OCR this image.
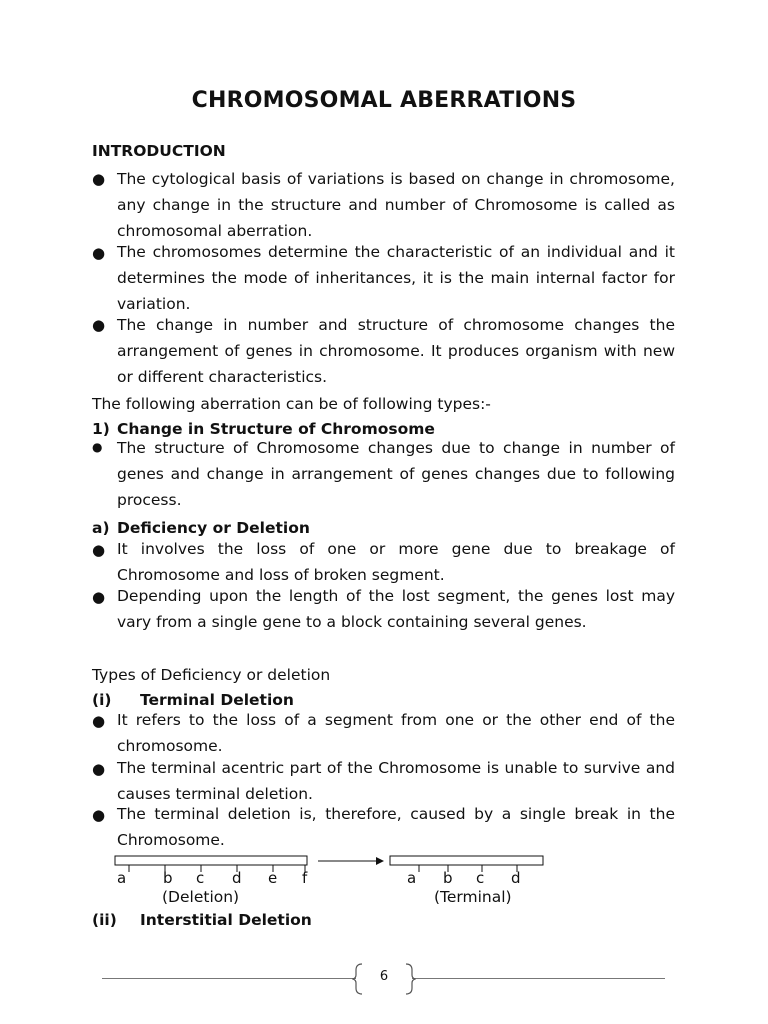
CHROMOSOMAL ABERRATIONS
INTRODUCTION
● The cytological basis of variations is based on change in chromosome, any change in the structure and number of Chromosome is called as chromosomal aberration.
● The chromosomes determine the characteristic of an individual and it determines the mode of inheritances, it is the main internal factor for variation.
● The change in number and structure of chromosome changes the arrangement of genes in chromosome. It produces organism with new or different characteristics.
The following aberration can be of following types:-
1) Change in Structure of Chromosome
● The structure of Chromosome changes due to change in number of genes and change in arrangement of genes changes due to following process.
a) Deficiency or Deletion
● It involves the loss of one or more gene due to breakage of Chromosome and loss of broken segment.
● Depending upon the length of the lost segment, the genes lost may vary from a single gene to a block containing several genes.
Types of Deficiency or deletion
(i) Terminal Deletion
● It refers to the loss of a segment from one or the other end of the chromosome.
● The terminal acentric part of the Chromosome is unable to survive and causes terminal deletion.
● The terminal deletion is, therefore, caused by a single break in the Chromosome.
a b c d e f	a b c d
(Deletion)	(Terminal)
(ii) Interstitial Deletion
6
